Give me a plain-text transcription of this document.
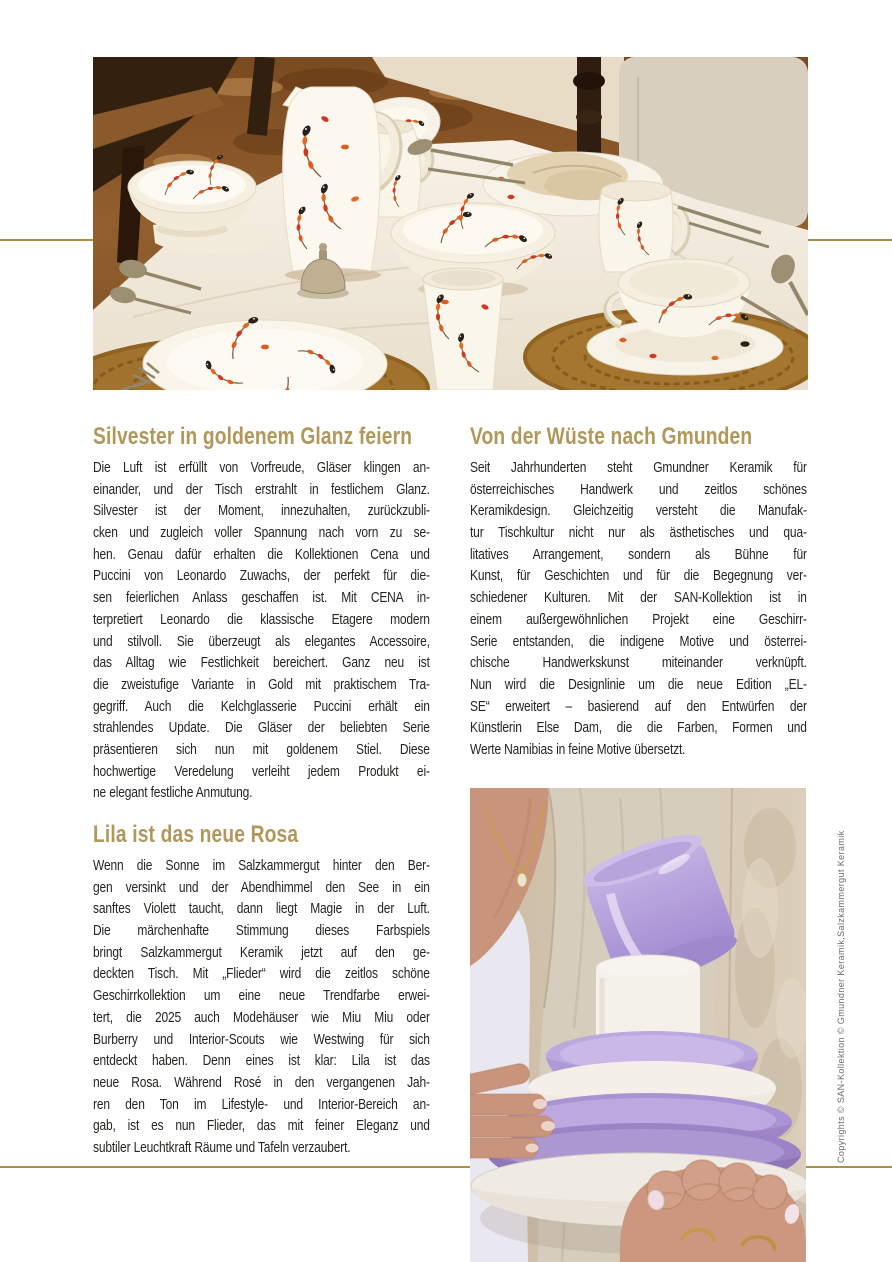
Silvester in goldenem Glanz feiern
Die Luft ist erfüllt von Vorfreude, Gläser klingen an-
einander, und der Tisch erstrahlt in festlichem Glanz.
Silvester ist der Moment, innezuhalten, zurückzubli-
cken und zugleich voller Spannung nach vorn zu se-
hen. Genau dafür erhalten die Kollektionen Cena und
Puccini von Leonardo Zuwachs, der perfekt für die-
sen feierlichen Anlass geschaffen ist. Mit CENA in-
terpretiert Leonardo die klassische Etagere modern
und stilvoll. Sie überzeugt als elegantes Accessoire,
das Alltag wie Festlichkeit bereichert. Ganz neu ist
die zweistufige Variante in Gold mit praktischem Tra-
gegriff. Auch die Kelchglasserie Puccini erhält ein
strahlendes Update. Die Gläser der beliebten Serie
präsentieren sich nun mit goldenem Stiel. Diese
hochwertige Veredelung verleiht jedem Produkt ei-
ne elegant festliche Anmutung.
Lila ist das neue Rosa
Wenn die Sonne im Salzkammergut hinter den Ber-
gen versinkt und der Abendhimmel den See in ein
sanftes Violett taucht, dann liegt Magie in der Luft.
Die märchenhafte Stimmung dieses Farbspiels
bringt Salzkammergut Keramik jetzt auf den ge-
deckten Tisch. Mit „Flieder“ wird die zeitlos schöne
Geschirrkollektion um eine neue Trendfarbe erwei-
tert, die 2025 auch Modehäuser wie Miu Miu oder
Burberry und Interior-Scouts wie Westwing für sich
entdeckt haben. Denn eines ist klar: Lila ist das
neue Rosa. Während Rosé in den vergangenen Jah-
ren den Ton im Lifestyle- und Interior-Bereich an-
gab, ist es nun Flieder, das mit feiner Eleganz und
subtiler Leuchtkraft Räume und Tafeln verzaubert.
Von der Wüste nach Gmunden
Seit Jahrhunderten steht Gmundner Keramik für
österreichisches Handwerk und zeitlos schönes
Keramikdesign. Gleichzeitig versteht die Manufak-
tur Tischkultur nicht nur als ästhetisches und qua-
litatives Arrangement, sondern als Bühne für
Kunst, für Geschichten und für die Begegnung ver-
schiedener Kulturen. Mit der SAN-Kollektion ist in
einem außergewöhnlichen Projekt eine Geschirr-
Serie entstanden, die indigene Motive und österrei-
chische Handwerkskunst miteinander verknüpft.
Nun wird die Designlinie um die neue Edition „EL-
SE“ erweitert – basierend auf den Entwürfen der
Künstlerin Else Dam, die die Farben, Formen und
Werte Namibias in feine Motive übersetzt.
Copyrights © SAN-Kollektion © Gmundner Keramik,Salzkammergut Keramik
